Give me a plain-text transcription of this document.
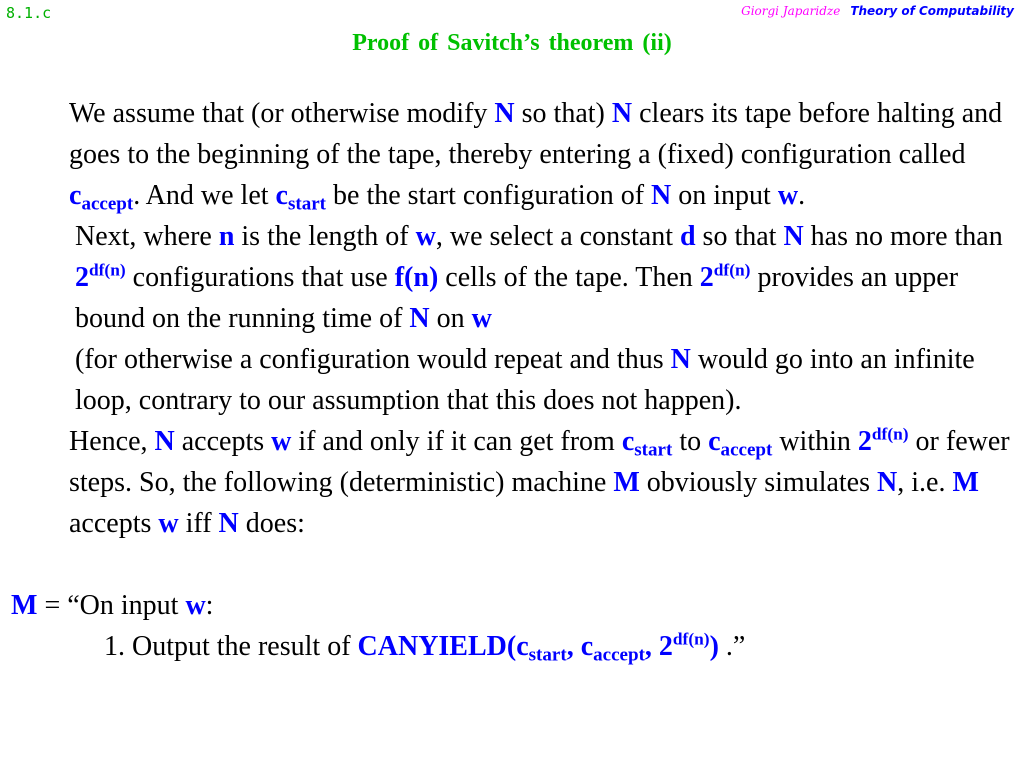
8.1.c	Giorgi Japaridze Theory of Computability
Proof of Savitch’s theorem (ii)

We assume that (or otherwise modify N so that) N clears its tape before halting and goes to the beginning of the tape, thereby entering a (fixed) configuration called $c_{accept}$. And we let $c_{start}$ be the start configuration of N on input w.

Next, where n is the length of w, we select a constant d so that N has no more than $2^{df(n)}$ configurations that use f(n) cells of the tape. Then $2^{df(n)}$ provides an upper bound on the running time of N on w
(for otherwise a configuration would repeat and thus N would go into an infinite loop, contrary to our assumption that this does not happen).

Hence, N accepts w if and only if it can get from $c_{start}$ to $c_{accept}$ within $2^{df(n)}$ or fewer steps. So, the following (deterministic) machine M obviously simulates N, i.e. M accepts w iff N does:

M = “On input w:

1. Output the result of $CANYIELD(c_{start}$, $c_{accept}$, $2^{df(n)}$) .”
